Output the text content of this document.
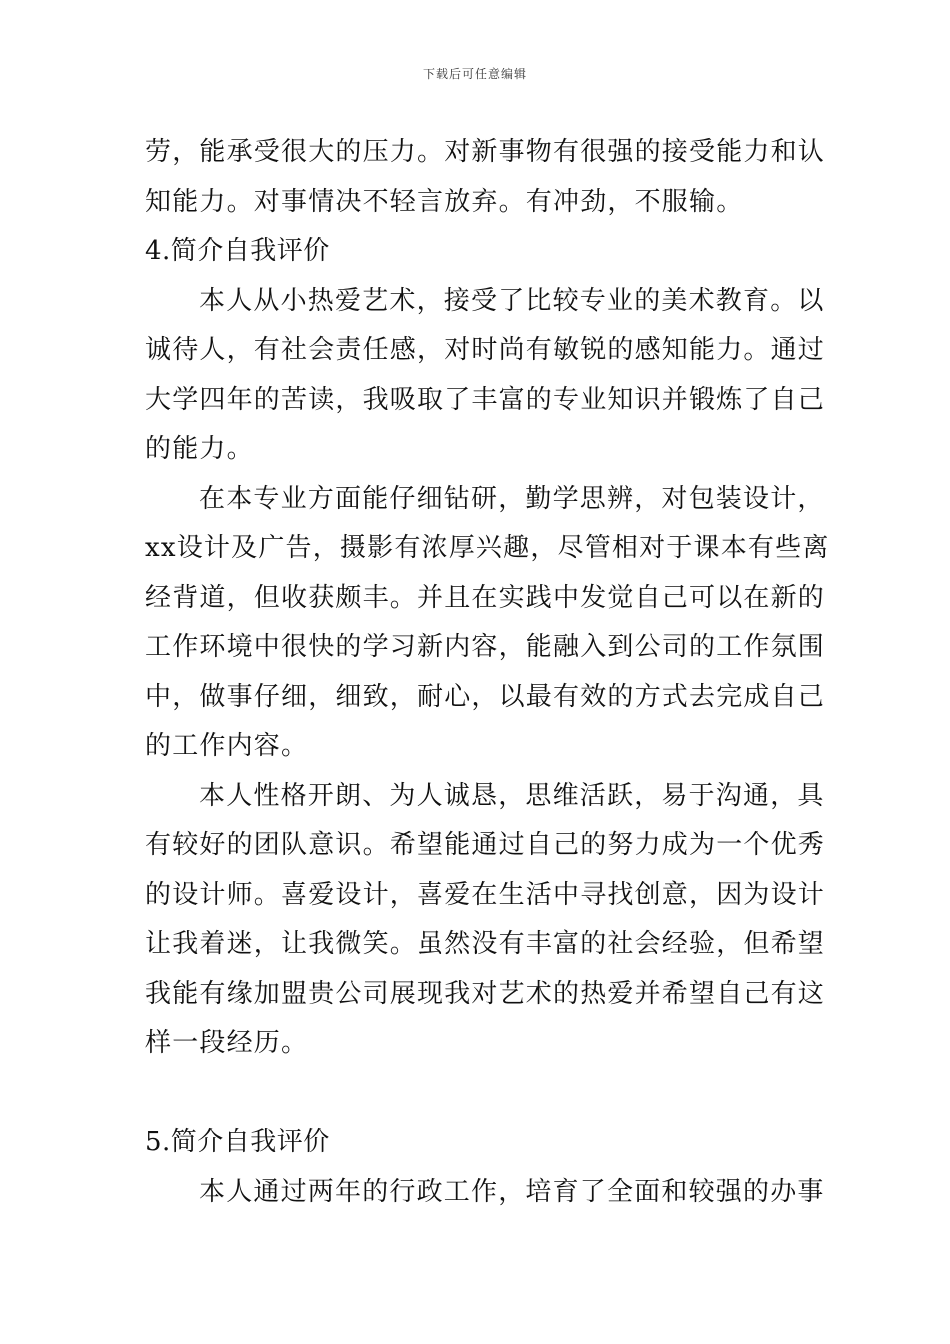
下载后可任意编辑
劳，能承受很大的压力。对新事物有很强的接受能力和认
知能力。对事情决不轻言放弃。有冲劲，不服输。
4.简介自我评价
本人从小热爱艺术，接受了比较专业的美术教育。以
诚待人，有社会责任感，对时尚有敏锐的感知能力。通过
大学四年的苦读，我吸取了丰富的专业知识并锻炼了自己
的能力。
在本专业方面能仔细钻研，勤学思辨，对包装设计，
xx设计及广告，摄影有浓厚兴趣，尽管相对于课本有些离
经背道，但收获颇丰。并且在实践中发觉自己可以在新的
工作环境中很快的学习新内容，能融入到公司的工作氛围
中，做事仔细，细致，耐心，以最有效的方式去完成自己
的工作内容。
本人性格开朗、为人诚恳，思维活跃，易于沟通，具
有较好的团队意识。希望能通过自己的努力成为一个优秀
的设计师。喜爱设计，喜爱在生活中寻找创意，因为设计
让我着迷，让我微笑。虽然没有丰富的社会经验，但希望
我能有缘加盟贵公司展现我对艺术的热爱并希望自己有这
样一段经历。
5.简介自我评价
本人通过两年的行政工作，培育了全面和较强的办事
